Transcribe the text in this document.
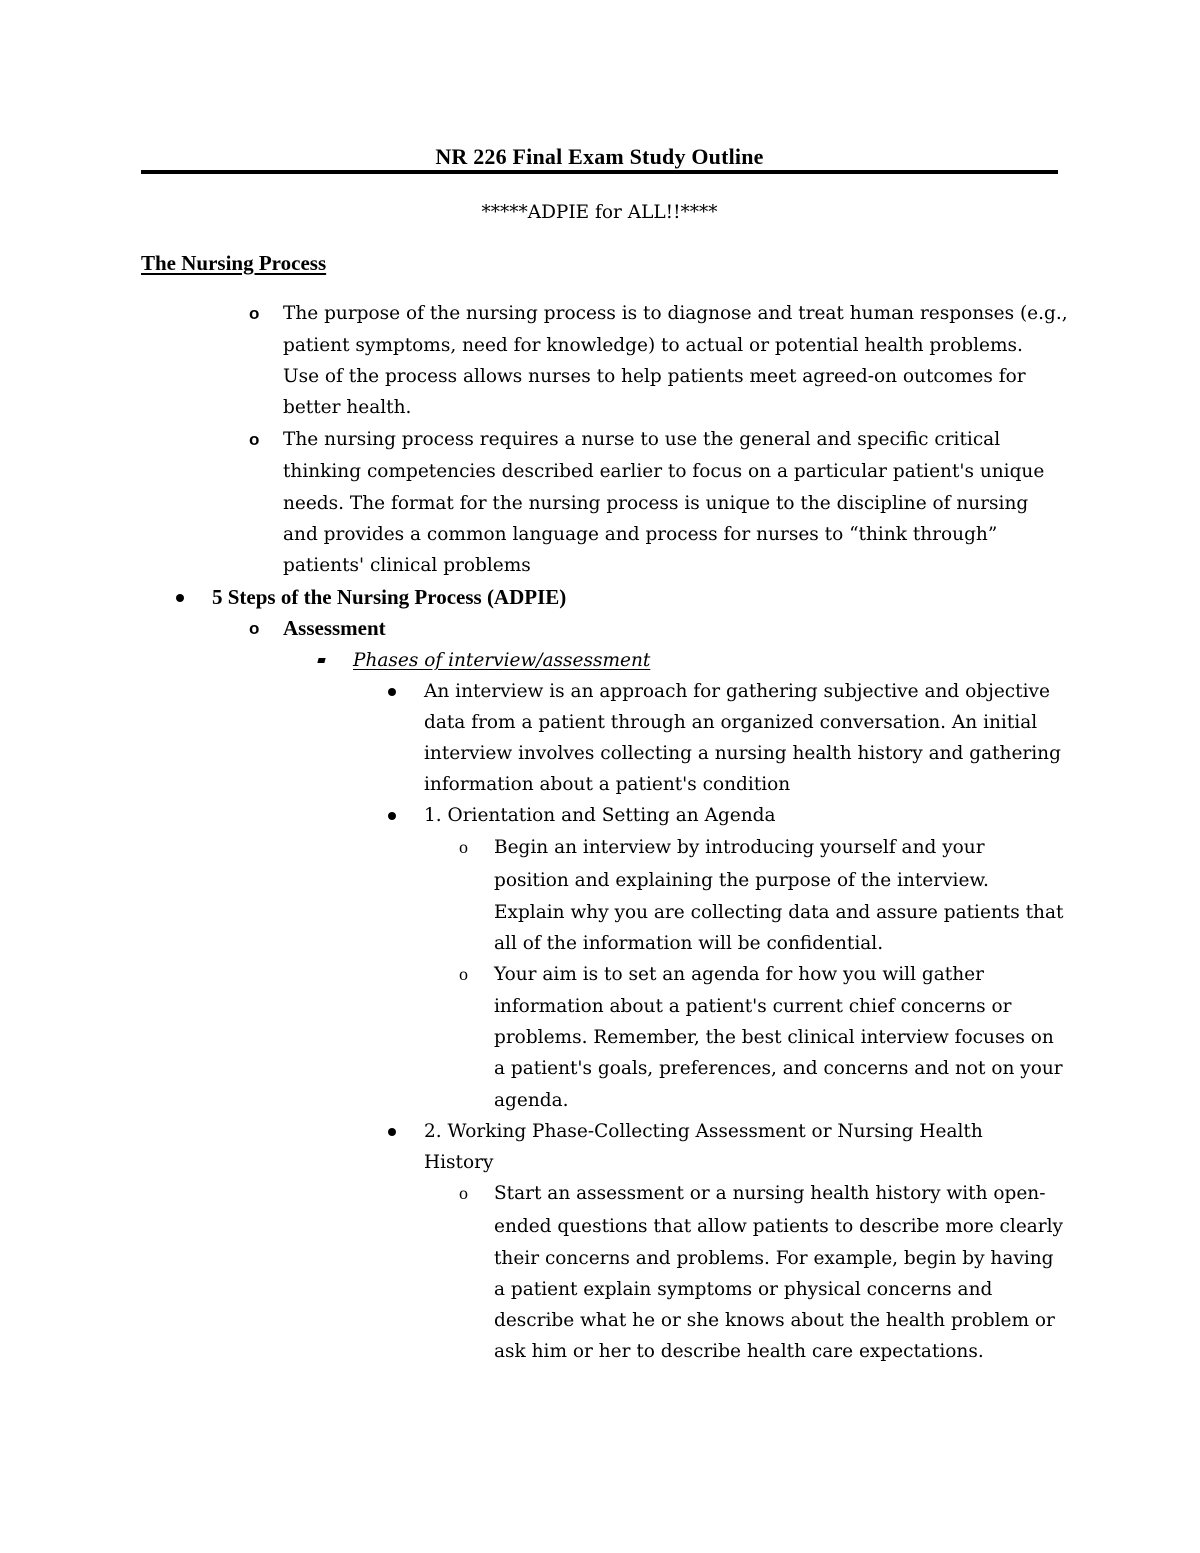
NR 226 Final Exam Study Outline
*****ADPIE for ALL!!****
The Nursing Process
o The purpose of the nursing process is to diagnose and treat human responses (e.g.,
patient symptoms, need for knowledge) to actual or potential health problems.
Use of the process allows nurses to help patients meet agreed-on outcomes for
better health.
o The nursing process requires a nurse to use the general and specific critical
thinking competencies described earlier to focus on a particular patient's unique
needs. The format for the nursing process is unique to the discipline of nursing
and provides a common language and process for nurses to “think through”
patients' clinical problems
5 Steps of the Nursing Process (ADPIE)
o Assessment
Phases of interview/assessment
An interview is an approach for gathering subjective and objective
data from a patient through an organized conversation. An initial
interview involves collecting a nursing health history and gathering
information about a patient's condition
1. Orientation and Setting an Agenda
o Begin an interview by introducing yourself and your
position and explaining the purpose of the interview.
Explain why you are collecting data and assure patients that
all of the information will be confidential.
o Your aim is to set an agenda for how you will gather
information about a patient's current chief concerns or
problems. Remember, the best clinical interview focuses on
a patient's goals, preferences, and concerns and not on your
agenda.
2. Working Phase-Collecting Assessment or Nursing Health
History
o Start an assessment or a nursing health history with open-
ended questions that allow patients to describe more clearly
their concerns and problems. For example, begin by having
a patient explain symptoms or physical concerns and
describe what he or she knows about the health problem or
ask him or her to describe health care expectations.
